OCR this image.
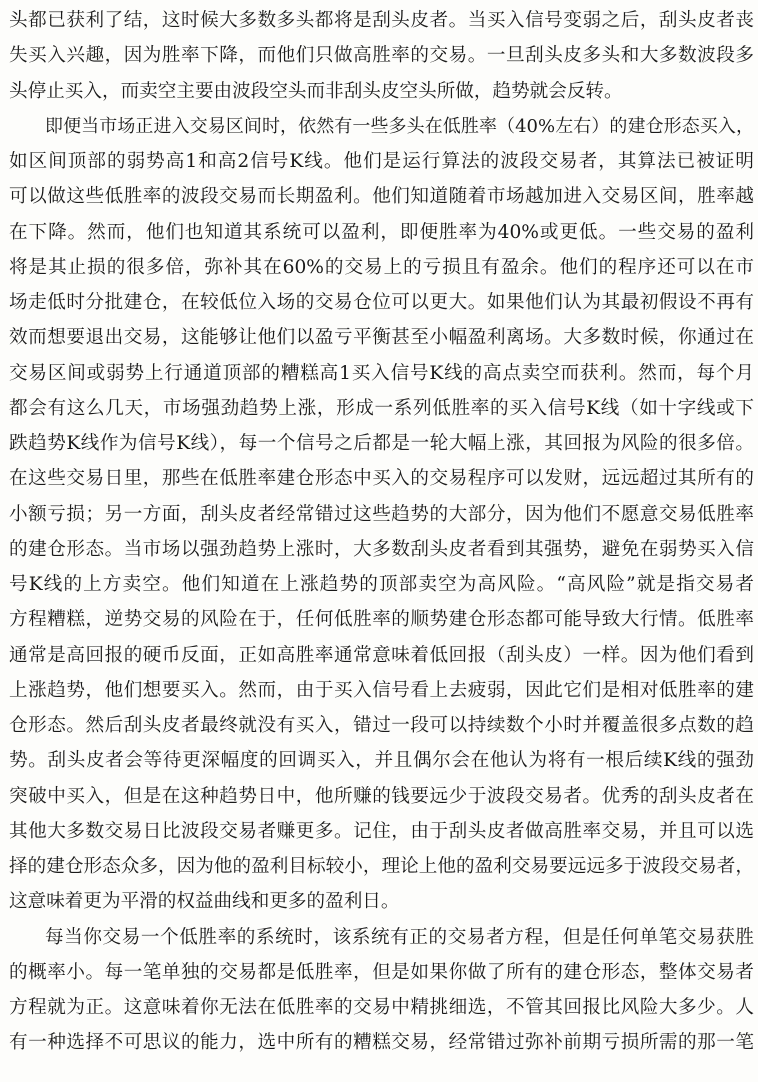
头都已获利了结，这时候大多数多头都将是刮头皮者。当买入信号变弱之后，刮头皮者丧
失买入兴趣，因为胜率下降，而他们只做高胜率的交易。一旦刮头皮多头和大多数波段多
头停止买入，而卖空主要由波段空头而非刮头皮空头所做，趋势就会反转。
即便当市场正进入交易区间时，依然有一些多头在低胜率（40%左右）的建仓形态买入，
如区间顶部的弱势高1和高2信号K线。他们是运行算法的波段交易者，其算法已被证明
可以做这些低胜率的波段交易而长期盈利。他们知道随着市场越加进入交易区间，胜率越
在下降。然而，他们也知道其系统可以盈利，即便胜率为40%或更低。一些交易的盈利
将是其止损的很多倍，弥补其在60%的交易上的亏损且有盈余。他们的程序还可以在市
场走低时分批建仓，在较低位入场的交易仓位可以更大。如果他们认为其最初假设不再有
效而想要退出交易，这能够让他们以盈亏平衡甚至小幅盈利离场。大多数时候，你通过在
交易区间或弱势上行通道顶部的糟糕高1买入信号K线的高点卖空而获利。然而，每个月
都会有这么几天，市场强劲趋势上涨，形成一系列低胜率的买入信号K线（如十字线或下
跌趋势K线作为信号K线），每一个信号之后都是一轮大幅上涨，其回报为风险的很多倍。
在这些交易日里，那些在低胜率建仓形态中买入的交易程序可以发财，远远超过其所有的
小额亏损；另一方面，刮头皮者经常错过这些趋势的大部分，因为他们不愿意交易低胜率
的建仓形态。当市场以强劲趋势上涨时，大多数刮头皮者看到其强势，避免在弱势买入信
号K线的上方卖空。他们知道在上涨趋势的顶部卖空为高风险。“高风险”就是指交易者
方程糟糕，逆势交易的风险在于，任何低胜率的顺势建仓形态都可能导致大行情。低胜率
通常是高回报的硬币反面，正如高胜率通常意味着低回报（刮头皮）一样。因为他们看到
上涨趋势，他们想要买入。然而，由于买入信号看上去疲弱，因此它们是相对低胜率的建
仓形态。然后刮头皮者最终就没有买入，错过一段可以持续数个小时并覆盖很多点数的趋
势。刮头皮者会等待更深幅度的回调买入，并且偶尔会在他认为将有一根后续K线的强劲
突破中买入，但是在这种趋势日中，他所赚的钱要远少于波段交易者。优秀的刮头皮者在
其他大多数交易日比波段交易者赚更多。记住，由于刮头皮者做高胜率交易，并且可以选
择的建仓形态众多，因为他的盈利目标较小，理论上他的盈利交易要远远多于波段交易者，
这意味着更为平滑的权益曲线和更多的盈利日。
每当你交易一个低胜率的系统时，该系统有正的交易者方程，但是任何单笔交易获胜
的概率小。每一笔单独的交易都是低胜率，但是如果你做了所有的建仓形态，整体交易者
方程就为正。这意味着你无法在低胜率的交易中精挑细选，不管其回报比风险大多少。人
有一种选择不可思议的能力，选中所有的糟糕交易，经常错过弥补前期亏损所需的那一笔
